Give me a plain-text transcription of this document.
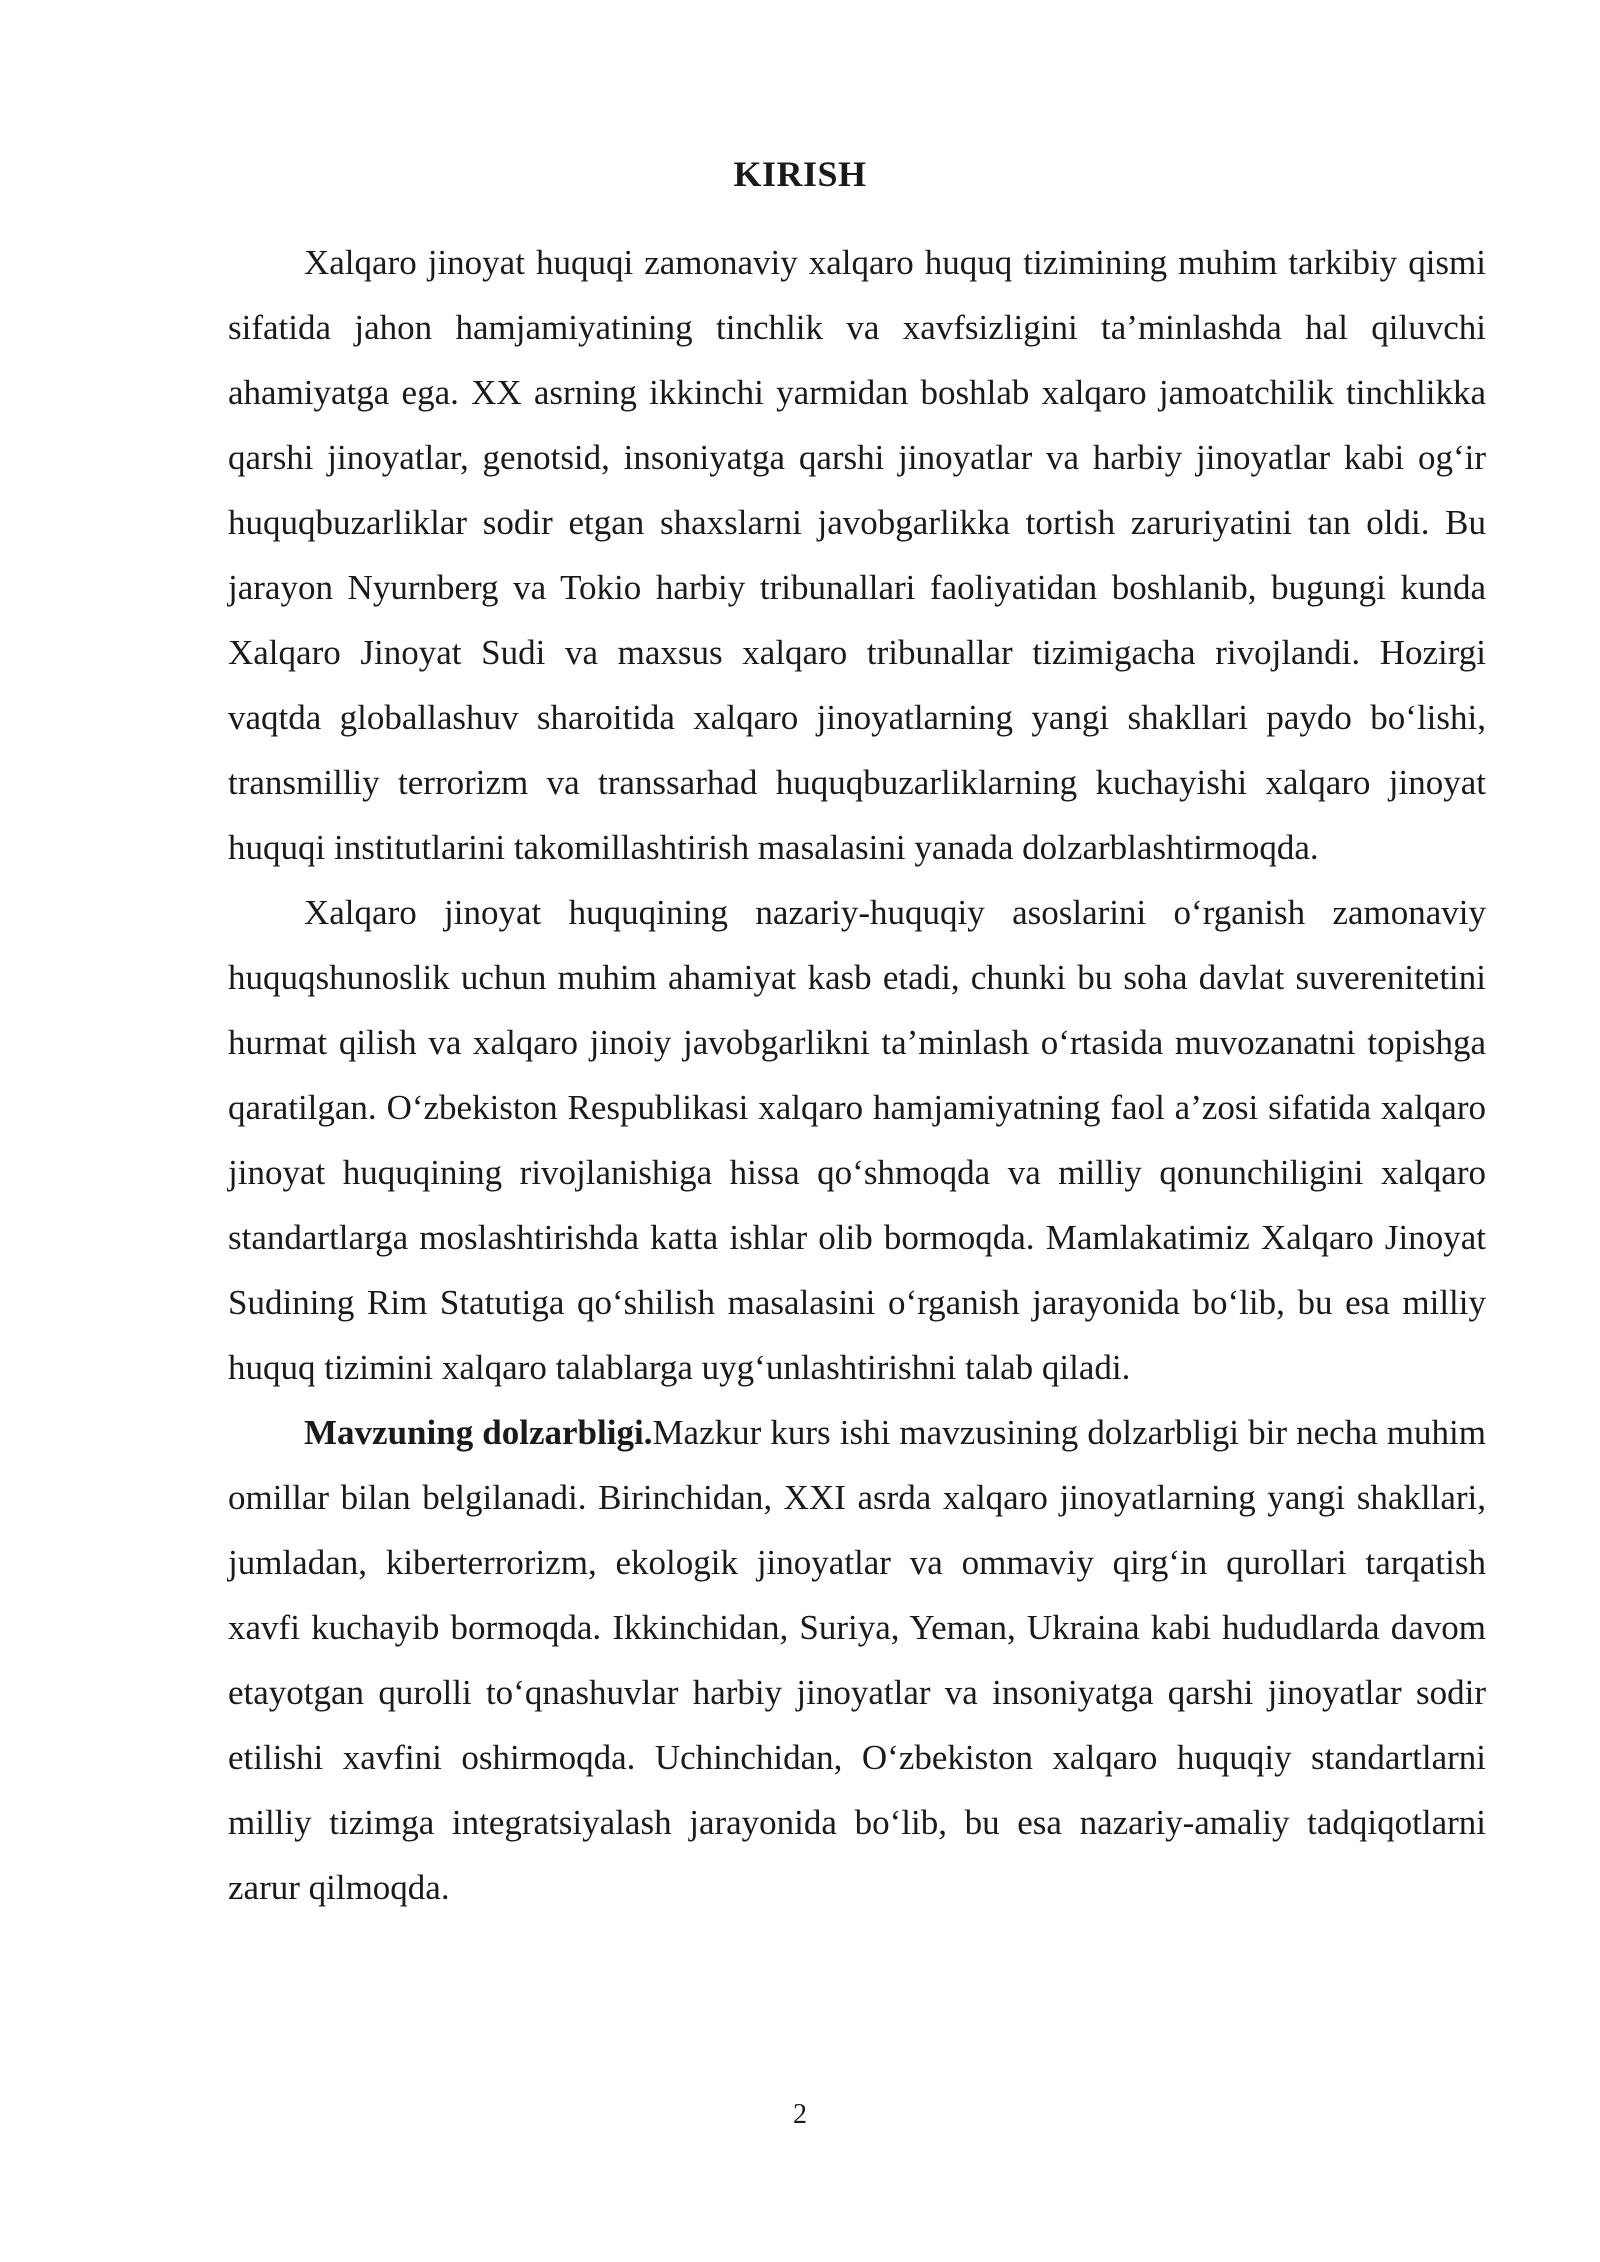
KIRISH

Xalqaro jinoyat huquqi zamonaviy xalqaro huquq tizimining muhim tarkibiy qismi sifatida jahon hamjamiyatining tinchlik va xavfsizligini ta’minlashda hal qiluvchi ahamiyatga ega. XX asrning ikkinchi yarmidan boshlab xalqaro jamoatchilik tinchlikka qarshi jinoyatlar, genotsid, insoniyatga qarshi jinoyatlar va harbiy jinoyatlar kabi og‘ir huquqbuzarliklar sodir etgan shaxslarni javobgarlikka tortish zaruriyatini tan oldi. Bu jarayon Nyurnberg va Tokio harbiy tribunallari faoliyatidan boshlanib, bugungi kunda Xalqaro Jinoyat Sudi va maxsus xalqaro tribunallar tizimigacha rivojlandi. Hozirgi vaqtda globallashuv sharoitida xalqaro jinoyatlarning yangi shakllari paydo bo‘lishi, transmilliy terrorizm va transsarhad huquqbuzarliklarning kuchayishi xalqaro jinoyat huquqi institutlarini takomillashtirish masalasini yanada dolzarblashtirmoqda.

Xalqaro jinoyat huquqining nazariy-huquqiy asoslarini o‘rganish zamonaviy huquqshunoslik uchun muhim ahamiyat kasb etadi, chunki bu soha davlat suverenitetini hurmat qilish va xalqaro jinoiy javobgarlikni ta’minlash o‘rtasida muvozanatni topishga qaratilgan. O‘zbekiston Respublikasi xalqaro hamjamiyatning faol a’zosi sifatida xalqaro jinoyat huquqining rivojlanishiga hissa qo‘shmoqda va milliy qonunchiligini xalqaro standartlarga moslashtirishda katta ishlar olib bormoqda. Mamlakatimiz Xalqaro Jinoyat Sudining Rim Statutiga qo‘shilish masalasini o‘rganish jarayonida bo‘lib, bu esa milliy huquq tizimini xalqaro talablarga uyg‘unlashtirishni talab qiladi.

Mavzuning dolzarbligi.Mazkur kurs ishi mavzusining dolzarbligi bir necha muhim omillar bilan belgilanadi. Birinchidan, XXI asrda xalqaro jinoyatlarning yangi shakllari, jumladan, kiberterrorizm, ekologik jinoyatlar va ommaviy qirg‘in qurollari tarqatish xavfi kuchayib bormoqda. Ikkinchidan, Suriya, Yeman, Ukraina kabi hududlarda davom etayotgan qurolli to‘qnashuvlar harbiy jinoyatlar va insoniyatga qarshi jinoyatlar sodir etilishi xavfini oshirmoqda. Uchinchidan, O‘zbekiston xalqaro huquqiy standartlarni milliy tizimga integratsiyalash jarayonida bo‘lib, bu esa nazariy-amaliy tadqiqotlarni zarur qilmoqda.

2
